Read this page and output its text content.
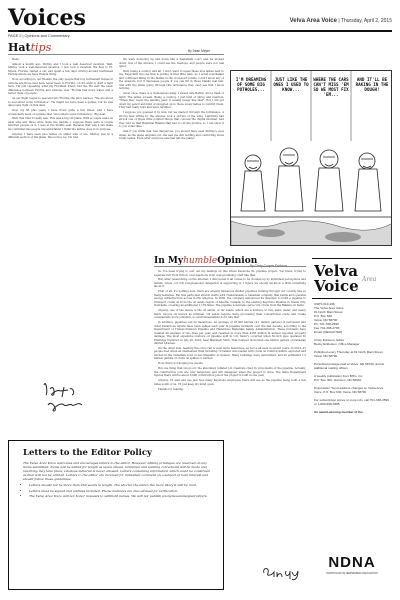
Voices	Velva Area Voice | Thursday, April 2, 2015
PAGE 2 | Opinions and Commentary
Hattips	By Dean Meyer

Hello.

Almost a month ago, Shirley and I took a well deserved vacation. Well, Shirley took a well-deserved vacation. I just took a vacation. We flew to Ft. Myers, Florida, rented a car, and spent a few days driving around Southwest Florida where we have friends living.

Now, according to our friends, the only people that buy retirement homes in Arizona are those that have never been to Florida. I don't want to start a fight here. I'm just repeating what my Floridian friend told me. He said the basic difference between Florida and Arizona, was "Florida had more water and a better class of people".

As our flight began to descend into Florida, the pilot warned, "We are about to encounter some turbulence". He might not have been a genius, but he was dang sure right on this deal.

Over my 66 plus years, I have flown quite a few times. And I have occasionally been on a plane that "encounters some turbulence". Big deal.

Well, this time it really was. This was a big old plane. With a couple seats on each side and three wide down the middle. I suppose there were a couple hundred people on it. I was in the middle seat. Because that way I can make two terminal size people uncomfortable! I think the airline does it on purpose.

Anyway, I have seen nice ladies on either side of me. Shirley was in a different section of the plane. She is nice too I'm told.

We were bouncing up and down like a basketball court and we slowed down. Out of the window, I could see the treetops, and people were not real quiet.

Well, being a cowboy and all, I don't want to upset these nice ladies next to me. Especially the one that is poking in that little tank. So I acted nonchalant and continued filling in the blanks in the crossword puzzle. I don't know any of the answers, but it impresses people if you can fill in those blanks real fast. And with the plane going through this turbulence they can't see that I know nothing.

All at once, there is a tremendous bang. I swear, like BANG! And a flash of light! The ladies scream. Being a cowboy, I just kind of shrug and mention, "When they lower the landing gear, it usually bangs like that". But I did put down my pencil and kind of snuggled up to those lovely ladies to comfort them. They had really hold and were terrified.

I suppose you guessed it by now, but we made it through the turbulence. A strong man sitting by the window took a picture of the wing. Lightning had struck one of those little pointed things that conceal the digital thermal. And they told us that Hannibal Hamlin Hall had to cut the picture, so I can show it to you some time.

And if you think that was dangerous, you should have seen Shirley's eyes when, as the plane emptied out, she saw me still holding and comforting those lovely ladies. Even after everyone else had left the plane!

Letters to the Editor Policy
The Velva Area Voice welcomes and encourages letters to the editor. However, editing privileges are reserved on any items submitted. Items will be edited for length as space allows. Grammar and spelling corrections will be made and rewriting may take place. Libelous material is never allowed. Letters containing information which could be construed as libel will not be printed. Letters to the editor are received for individual comment on a subject of local interest and should follow these guidelines:
• Letters should not be more than 250 words in length. The shorter the letter, the more likely it will be read.
• Letters must be signed and address included. Phone numbers are also advised for verification.
• The Velva Area Voice will not honor requests to withhold names. We will not publish anonymous/unsigned letters.
I'M DREAMING OF SOME BIG POTHOLES...
JUST LIKE THE ONES I USED TO KNOW...
WHERE THE CARS CAN'T MISS 'EM SO WE MOST FIX 'EM...
AND IT'LL BE RAKING IN THE DOUGH!
In MyhumbleOpinion
By Cindy Cooper Erickson

So I've been trying to sort out my feelings on this whole Keystone XL pipeline project. You know, trying to separate fact from fiction, over-reactions from over-promising, stuff like that.

But, after researching on the internet, I discovered it all comes to be clouded up by individual perceptions and beliefs. Given our ND Congressional delegation is supporting it, I figure we should all know a little something about it.

First of all, it's nothing new; there are already numerous similar pipelines running through our country like so many tentacles. But this particular stretch starts with TransCanada, a Canadian company that builds and operates energy infrastructure across North America. In 2005, the company announced its intention to build a pipeline to transport crude oil from the oil sands region of Alberta, Canada, to the existing Keystone Pipeline in Steele City, Nebraska, covering an additional 1,179 miles. The pipeline would also serve U.S. crude from the Bakken oil fields.

Anyway, one of the issues is the oil sands, or tar sands, which are a mixture of clay, sand, water, and heavy black viscous oil known as bitumen. Oil sands require more processing than conventional crude and create considerably more pollution, so environmentalists don't like that.

In addition, pipelines can be hazardous. An average of 16,500 barrels (4.1 million gallons) of petroleum and other hazardous liquids have been spilled each year in pipeline incidents over the last decade, according to the Department of Transportation's Pipeline and Hazardous Materials Safety Administration. These incidents have claimed an average of two lives per year, and resulted in more than $265 million in annual reported property damage. The most expensive onshore oil pipeline spill in U.S. history occurred when 30-inch pipe operated by Enbridge ruptured on July 26, 2010, near Marshall, Mich. That dumped more than one million gallons of Canadian diluted bitumen.

On the other side, heading the oil by rail is even more hazardous, as we've all seen in recent years. In 2013, 47 people died when an unattended train including 72 tanker cars loaded with crude oil rolled downhill, exploded and burned in the Canadian town of Lac-Mégantic in Quebec. Many buildings were demolished, and an estimated 1.5 million gallons of crude oil spilled or burned.

Now, that's not helping me decide.

But one thing that stood out: the absolutely inflated job creations cited by proponents of the pipeline. Actually, the construction jobs are only temporary and will disappear when the project is done. The State Department figures there will be about 3,900 construction jobs if the project is built in one year.

Anyway, I'll wait and see just how many Keystone employees Velva will see as the pipeline being built a few miles south of us. I'll just keep my mind open.

Thanks for reading.

Velva
Voice Area
USPS 019-196
The Velva Area Voice
#1 North Main Street
P.O. Box 630
Velva, ND 58790
Ph: 701-338-2599
Fax 701-338-2795
Email: [REDACTED]

Cindy Erickson, Editor
Becky Ecklesten, Office Manager

Published every Thursday at #1 North Main Street, Velva, ND 58790.

Periodical postage paid at Velva, ND 58790, and at additional mailing offices.

A weekly publication from BHG, Inc.
P.O. Box 300, Garrison, ND 58540

Postmaster: Send address changes to: Velva Area Voice, P.O. Box 630, Velva, ND 58790

For subscription prices or more info, call 701-338-2599 or 1-800-658-3485

An award-winning member of the
NDNA
NORTH DAKOTA NEWSPAPER ASSOCIATION
